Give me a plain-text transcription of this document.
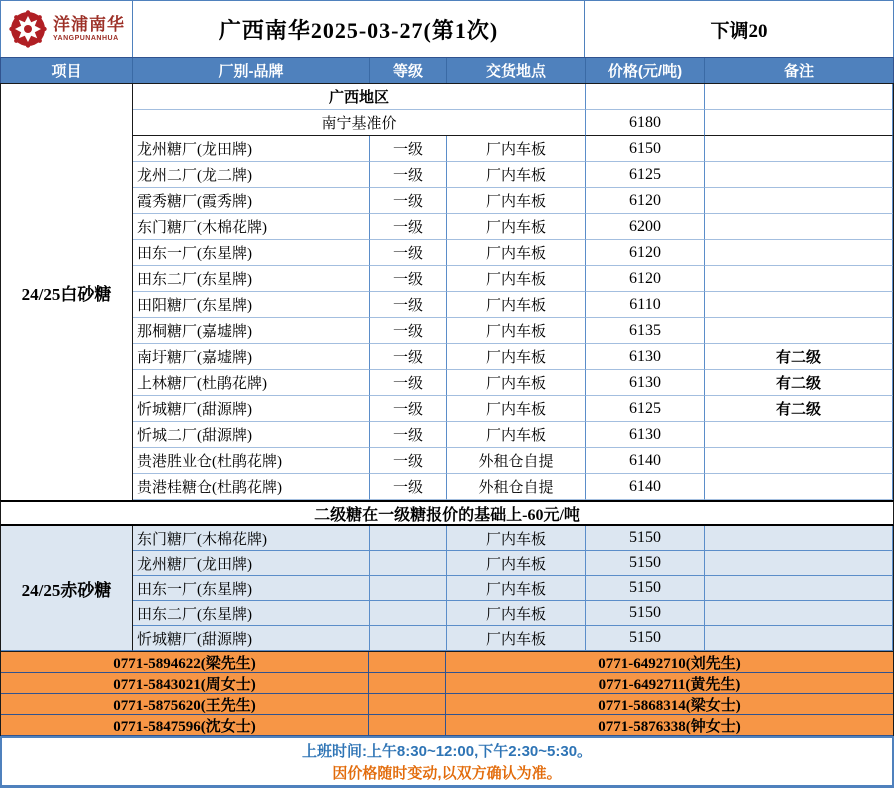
洋浦南华
YANGPUNANHUA	广西南华2025-03-27(第1次)	下调20
项目	厂别-品牌	等级	交货地点	价格(元/吨)	备注
24/25白砂糖
广西地区
南宁基准价	6180
龙州糖厂(龙田牌)	一级	厂内车板	6150
龙州二厂(龙二牌)	一级	厂内车板	6125
霞秀糖厂(霞秀牌)	一级	厂内车板	6120
东门糖厂(木棉花牌)	一级	厂内车板	6200
田东一厂(东星牌)	一级	厂内车板	6120
田东二厂(东星牌)	一级	厂内车板	6120
田阳糖厂(东星牌)	一级	厂内车板	6110
那桐糖厂(嘉墟牌)	一级	厂内车板	6135
南圩糖厂(嘉墟牌)	一级	厂内车板	6130	有二级
上林糖厂(杜鹃花牌)	一级	厂内车板	6130	有二级
忻城糖厂(甜源牌)	一级	厂内车板	6125	有二级
忻城二厂(甜源牌)	一级	厂内车板	6130
贵港胜业仓(杜鹃花牌)	一级	外租仓自提	6140
贵港桂糖仓(杜鹃花牌)	一级	外租仓自提	6140
二级糖在一级糖报价的基础上-60元/吨
24/25赤砂糖
东门糖厂(木棉花牌)	厂内车板	5150
龙州糖厂(龙田牌)	厂内车板	5150
田东一厂(东星牌)	厂内车板	5150
田东二厂(东星牌)	厂内车板	5150
忻城糖厂(甜源牌)	厂内车板	5150
0771-5894622(梁先生)	0771-6492710(刘先生)
0771-5843021(周女士)	0771-6492711(黄先生)
0771-5875620(王先生)	0771-5868314(梁女士)
0771-5847596(沈女士)	0771-5876338(钟女士)
上班时间:上午8:30~12:00,下午2:30~5:30。
因价格随时变动,以双方确认为准。
